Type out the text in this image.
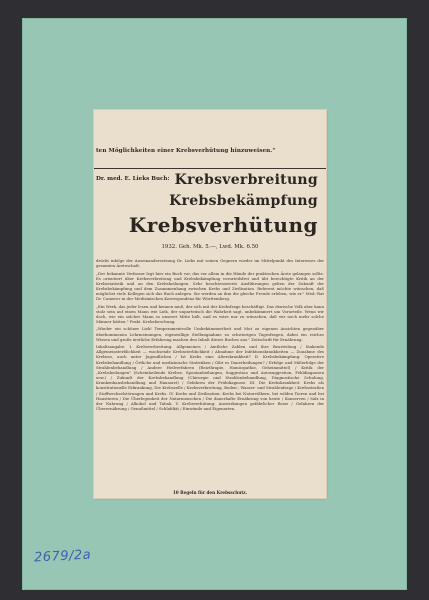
ten Möglichkeiten einer Krebsverhütung hinzuweisen."
Dr. med. E. Lieks Buch: Krebsverbreitung
Krebsbekämpfung
Krebsverhütung
1932. Geh. Mk. 5.—, Lwd. Mk. 6.50

drückt infolge der Auseinandersetzung Dr. Lieks mit seinen Gegnern wieder im Mittelpunkt des Interesses der gesamten Ärzteschaft.

„Der bekannte Verfasser legt hier ein Buch vor, das vor allem in die Hände der praktischen Ärzte gelangen sollte. Es orientiert über Krebsverbreitung und Krebsbekämpfung vorurteilsfrei und übt berechtigte Kritik an der Krebsstatistik und an den Krebsheilungen. Sehr beachtenswerte Ausführungen gelten der Zukunft der Krebsbekämpfung und dem Zusammenhang zwischen Krebs und Zivilisation. Referent möchte wünschen, daß möglichst viele Kollegen sich das Buch anlegen. Sie werden an ihm die gleiche Freude erleben, wie er." Med.-Rat Dr. Camerer in der Medizinischen Korrespondenz für Württemberg.

„Ein Werk, das jeder lesen und kennen muß, der sich mit der Krebsfrage beschäftigt. Das deutsche Volk aber kann stolz sein auf einen Mann wie Liek, der unparteiisch die Wahrheit sagt, unbekümmert um Vorurteile. Wenn wir doch, wie ein solcher Mann so unserer Mitte hält, und es wäre nur zu wünschen, daß wir noch mehr solche Männer hätten." Prakt. Krebsforschung.

„Wieder ein schöner Liek! Temperamentvolle Umbekümmertheit und Mut zu eigenen Ansichten gegenüber überkommenen Lehrmeinungen, eigenwillige Stellungnahme zu schwierigen Tagesfragen, dabei ein reiches Wissen und große ärztliche Erfahrung machen den Inhalt dieses Buches aus." Zeitschrift für Ernährung.

Inhaltsangabe: I. Krebsverbreitung: Allgemeines / Amtliche Zahlen und ihre Beurteilung / Sinkende Allgemeinsterblichkeit — wachsende Krebssterblichkeit / Abnahme der Infektionskrankheiten — Zunahme des Krebses, auch unter Jugendlichen / Ist Krebs eine Alterskrankheit? II. Krebsbekämpfung: Operative Krebsbehandlung / Örtliche und medizinische Statistiken / Gibt es Dauerheilungen? / Erfolge und Mißerfolge der Strahlenbehandlung / Andere Heilverfahren (Reizthrapie, Homöopathie, Geheimmittel) / Kritik der „Krebsheilungen" (Scheinheilende Krebse, Spontanheilungen, Suggestion und Autosuggestion, Fehldiagnosen usw.) / Zukunft der Krebsbehandlung (Chirurgie und Strahlenbehandlung, Diagnostische Schulung, Krankenhausbehandlung und Hausarzt) / Gefahren der Frühdiagnose. III. Die Krebskrankheit: Krebs als konstitutionelle Erkrankung, Die Krebszelle / Krebsverbreitung, Boden-, Wasser- und Strahlenfrage / Krebsstraßen / Stoffwechselstörungen und Krebs. IV. Krebs und Zivilisation: Krebs bei Naturvölkern, bei wilden Tieren und bei Haustieren / Die Überlegenheit der Naturmenschen / Die dauerhafte Ernährung von heute / Konserven / Salz in der Nahrung / Alkohol und Tabak. V. Krebsverhütung: Auswirkungen gefährlicher Reize / Gefahren der Überernährung / Genußmittel / Schlafdiät / Einwände und Eigenarten.

10 Regeln für den Krebsschutz.
2679/2a
